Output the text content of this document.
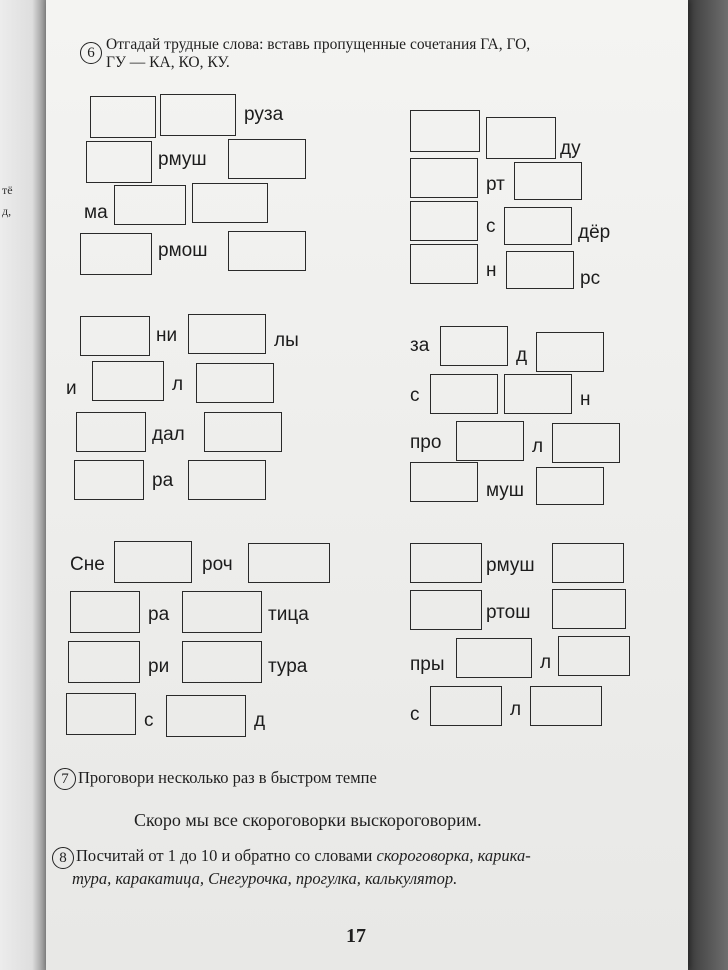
тё
д,
6 Отгадай трудные слова: вставь пропущенные сочетания ГА, ГО,
ГУ — КА, КО, КУ.
руза
рмуш
ма
рмош
ду
рт
с	дёр
н	рс
ни	лы
и	л
дал
ра
за	д
с	н
про	л
муш
Сне	роч
ра	тица
ри	тура
с	д
рмуш
ртош
пры	л
с	л
7 Проговори несколько раз в быстром темпе
Скоро мы все скороговорки выскороговорим.
8 Посчитай от 1 до 10 и обратно со словами скороговорка, карика-
тура, каракатица, Снегурочка, прогулка, калькулятор.
17
